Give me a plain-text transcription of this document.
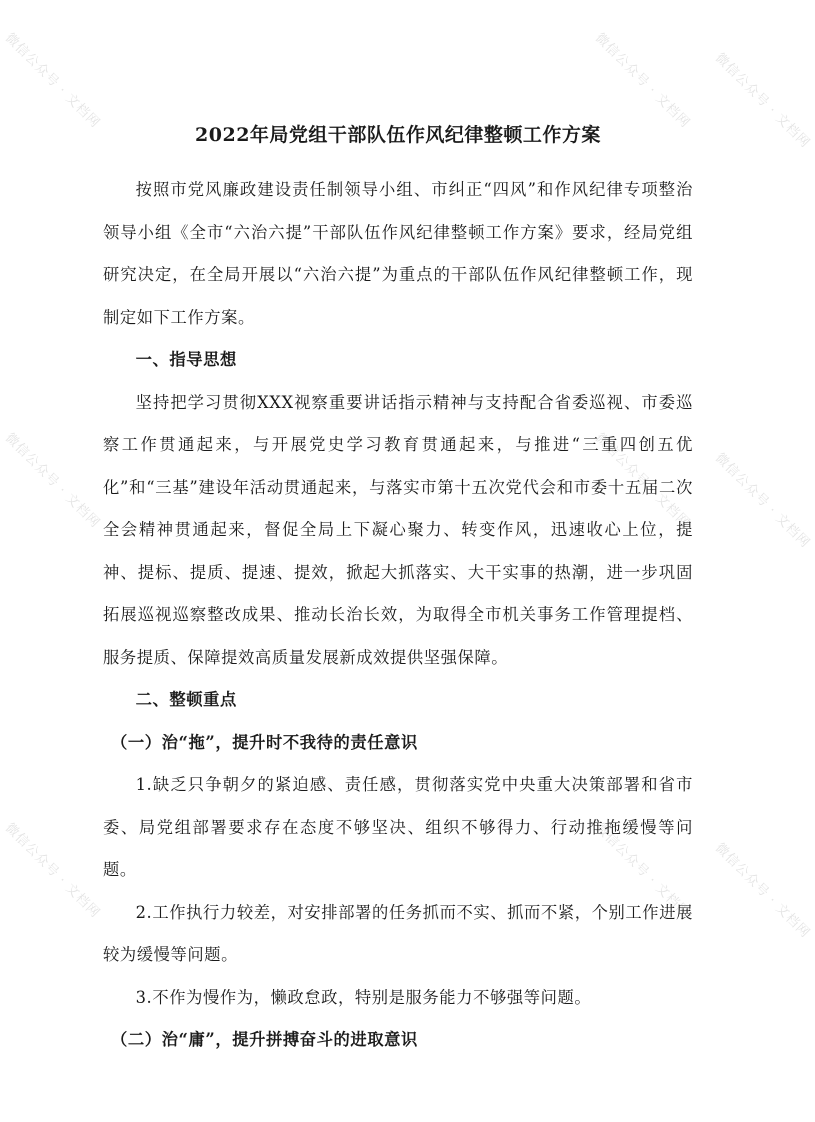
微信公众号 · 文档网	微信公众号 · 文档网 微信公众号 · 文档网
微信公众号 · 文档网	微信公众号 · 文档网 微信公众号 · 文档网
微信公众号 · 文档网	微信公众号 · 文档网 微信公众号 · 文档网
2022年局党组干部队伍作风纪律整顿工作方案

按照市党风廉政建设责任制领导小组、市纠正“四风”和作风纪律专项整治领导小组《全市“六治六提”干部队伍作风纪律整顿工作方案》要求，经局党组研究决定，在全局开展以“六治六提”为重点的干部队伍作风纪律整顿工作，现制定如下工作方案。

一、指导思想

坚持把学习贯彻XXX视察重要讲话指示精神与支持配合省委巡视、市委巡察工作贯通起来，与开展党史学习教育贯通起来，与推进“三重四创五优化”和“三基”建设年活动贯通起来，与落实市第十五次党代会和市委十五届二次全会精神贯通起来，督促全局上下凝心聚力、转变作风，迅速收心上位，提神、提标、提质、提速、提效，掀起大抓落实、大干实事的热潮，进一步巩固拓展巡视巡察整改成果、推动长治长效，为取得全市机关事务工作管理提档、服务提质、保障提效高质量发展新成效提供坚强保障。

二、整顿重点

（一）治“拖”，提升时不我待的责任意识

1.缺乏只争朝夕的紧迫感、责任感，贯彻落实党中央重大决策部署和省市委、局党组部署要求存在态度不够坚决、组织不够得力、行动推拖缓慢等问题。

2.工作执行力较差，对安排部署的任务抓而不实、抓而不紧，个别工作进展较为缓慢等问题。

3.不作为慢作为，懒政怠政，特别是服务能力不够强等问题。

（二）治“庸”，提升拼搏奋斗的进取意识
